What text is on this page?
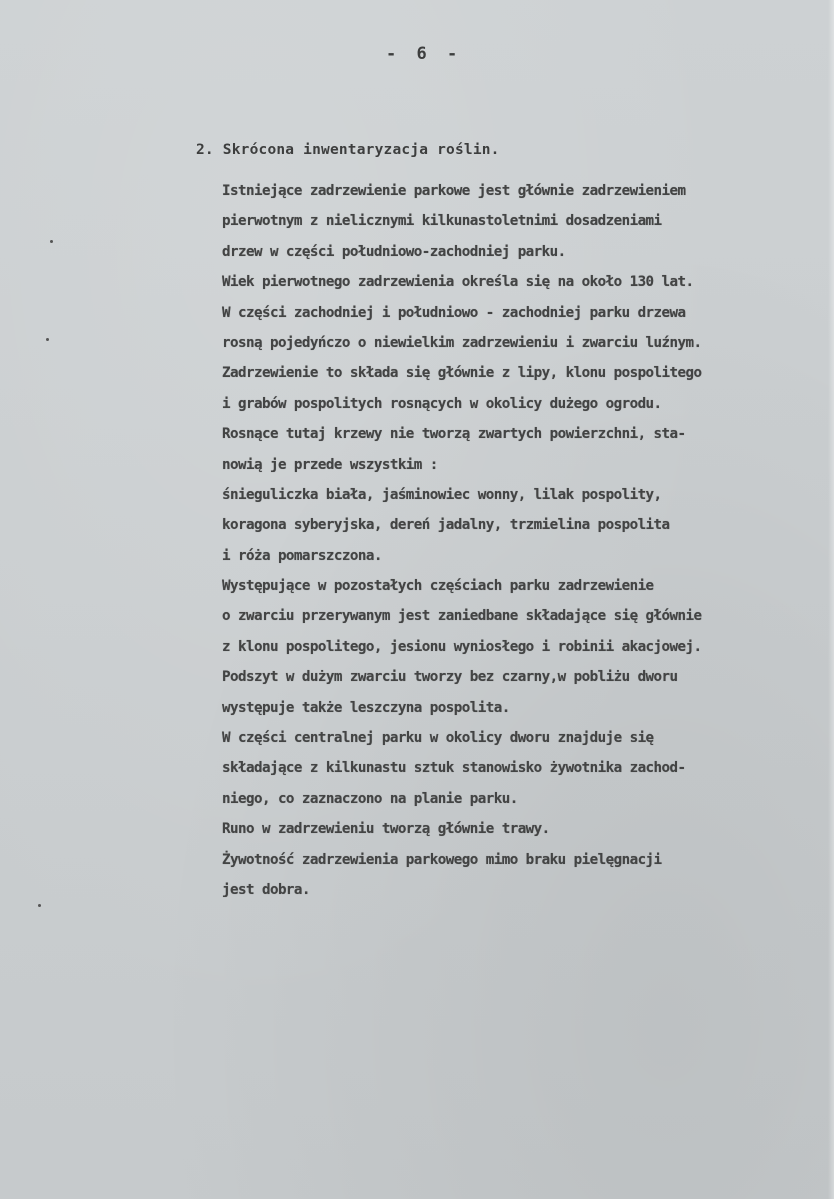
- 6 -
2. Skrócona inwentaryzacja roślin.
Istniejące zadrzewienie parkowe jest głównie zadrzewieniem
pierwotnym z nielicznymi kilkunastoletnimi dosadzeniami
drzew w części południowo-zachodniej parku.
Wiek pierwotnego zadrzewienia określa się na około 130 lat.
W części zachodniej i południowo - zachodniej parku drzewa
rosną pojedyńczo o niewielkim zadrzewieniu i zwarciu luźnym.
Zadrzewienie to składa się głównie z lipy, klonu pospolitego
i grabów pospolitych rosnących w okolicy dużego ogrodu.
Rosnące tutaj krzewy nie tworzą zwartych powierzchni, sta-
nowią je przede wszystkim :
śnieguliczka biała, jaśminowiec wonny, lilak pospolity,
koragona syberyjska, dereń jadalny, trzmielina pospolita
i róża pomarszczona.
Występujące w pozostałych częściach parku zadrzewienie
o zwarciu przerywanym jest zaniedbane składające się głównie
z klonu pospolitego, jesionu wyniosłego i robinii akacjowej.
Podszyt w dużym zwarciu tworzy bez czarny,w pobliżu dworu
występuje także leszczyna pospolita.
W części centralnej parku w okolicy dworu znajduje się
składające z kilkunastu sztuk stanowisko żywotnika zachod-
niego, co zaznaczono na planie parku.
Runo w zadrzewieniu tworzą głównie trawy.
Żywotność zadrzewienia parkowego mimo braku pielęgnacji
jest dobra.
